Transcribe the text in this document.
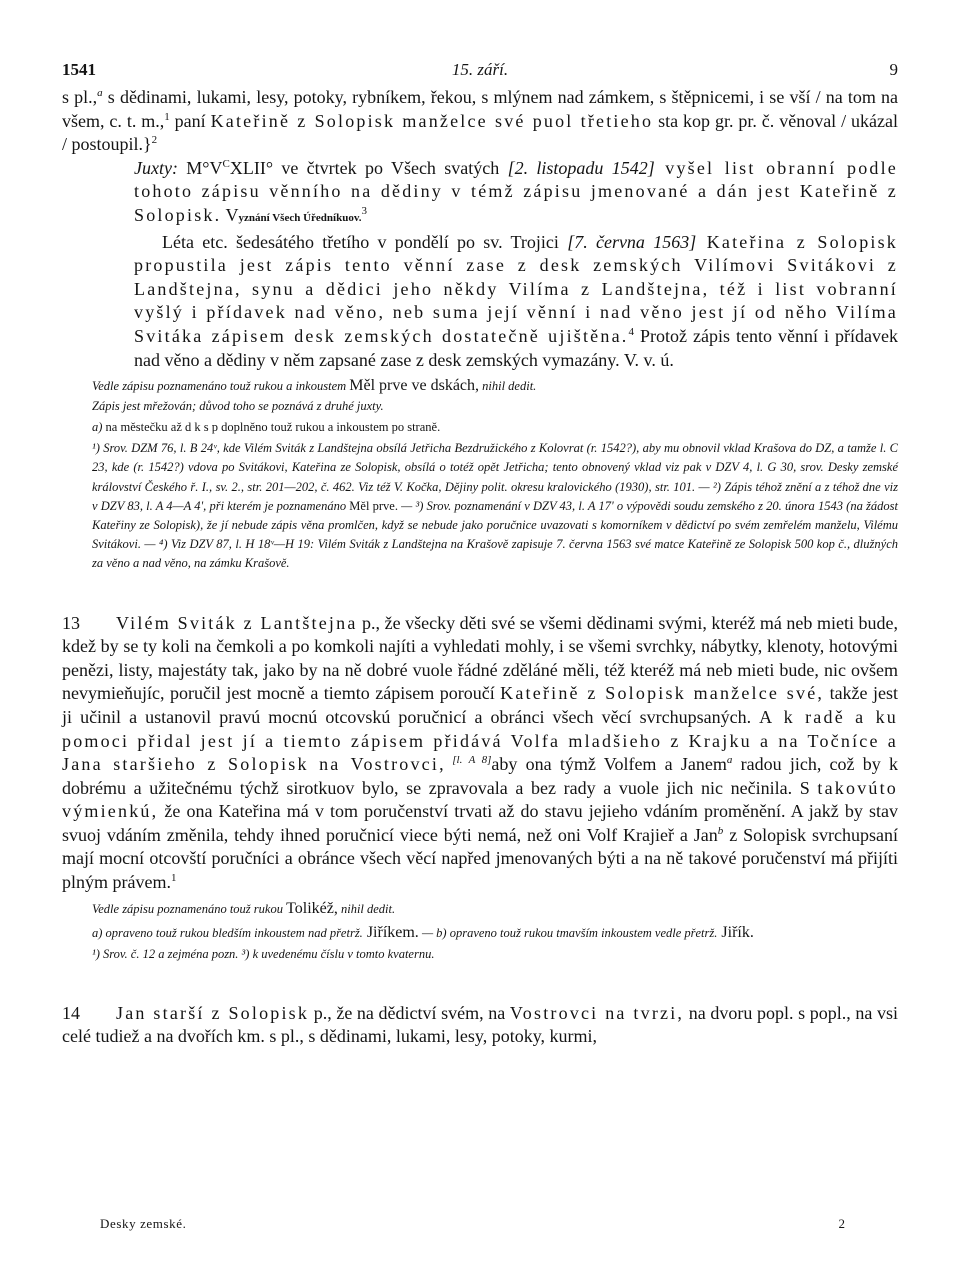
1541	15. září.	9

s pl.,$^a$ s dědinami, lukami, lesy, potoky, rybníkem, řekou, s mlýnem nad zámkem, s štěpnicemi, i se vší / na tom na všem, c. t. m.,$^1$ paní Kateřině z Solopisk manželce své puol třetieho sta kop gr. pr. č. věnoval / ukázal / postoupil.}$^2$

Juxty: $M^\circ V^CXLII^\circ$ ve čtvrtek po Všech svatých [2. listopadu 1542] vyšel list obranní podle tohoto zápisu věnního na dědiny v témž zápisu jmenované a dán jest Kateřině z Solopisk. Vyznání Všech Úředníkuov.$^3$

Léta etc. šedesátého třetího v pondělí po sv. Trojici [7. června 1563] Kateřina z Solopisk propustila jest zápis tento věnní zase z desk zemských Vilímovi Svitákovi z Landštejna, synu a dědici jeho někdy Vilíma z Landštejna, též i list vobranní vyšlý i přídavek nad věno, neb suma její věnní i nad věno jest jí od něho Vilíma Svitáka zápisem desk zemských dostatečně ujištěna.$^4$ Protož zápis tento věnní i přídavek nad věno a dědiny v něm zapsané zase z desk zemských vymazány. V. v. ú.

Vedle zápisu poznamenáno touž rukou a inkoustem Měl prve ve dskách, nihil dedit.
Zápis jest mřežován; důvod toho se poznává z druhé juxty.
a) na městečku až d k s p doplněno touž rukou a inkoustem po straně.
¹) Srov. DZM 76, l. B 24ᵛ, kde Vilém Sviták z Landštejna obsílá Jetřicha Bezdružického z Kolovrat (r. 1542?), aby mu obnovil vklad Krašova do DZ, a tamže l. C 23, kde (r. 1542?) vdova po Svitákovi, Kateřina ze Solopisk, obsílá o totéž opět Jetřicha; tento obnovený vklad viz pak v DZV 4, l. G 30, srov. Desky zemské království Českého ř. I., sv. 2., str. 201—202, č. 462. Viz též V. Kočka, Dějiny polit. okresu kralovického (1930), str. 101. — ²) Zápis téhož znění a z téhož dne viz v DZV 83, l. A 4—A 4', při kterém je poznamenáno Měl prve. — ³) Srov. poznamenání v DZV 43, l. A 17' o výpovědi soudu zemského z 20. února 1543 (na žádost Kateřiny ze Solopisk), že jí nebude zápis věna promlčen, když se nebude jako poručnice uvazovati s komorníkem v dědictví po svém zemřelém manželu, Vilému Svitákovi. — ⁴) Viz DZV 87, l. H 18ᵛ—H 19: Vilém Sviták z Landštejna na Krašově zapisuje 7. června 1563 své matce Kateřině ze Solopisk 500 kop č., dlužných za věno a nad věno, na zámku Krašově.

13 Vilém Sviták z Lantštejna p., že všecky děti své se všemi dědinami svými, kteréž má neb mieti bude, kdež by se ty koli na čemkoli a po komkoli najíti a vyhledati mohly, i se všemi svrchky, nábytky, klenoty, hotovými penězi, listy, majestáty tak, jako by na ně dobré vuole řádné zděláné měli, též kteréž má neb mieti bude, nic ovšem nevymieňujíc, poručil jest mocně a tiemto zápisem poroučí Kateřině z Solopisk manželce své, takže jest ji učinil a ustanovil pravú mocnú otcovskú poručnicí a obránci všech věcí svrchupsaných. A k radě a ku pomoci přidal jest jí a tiemto zápisem přidává Volfa mladšieho z Krajku a na Točníce a Jana staršieho z Solopisk na Vostrovci, [l. A 8]aby ona týmž Volfem a Janem$^a$ radou jich, což by k dobrému a užitečnému týchž sirotkuov bylo, se zpravovala a bez rady a vuole jich nic nečinila. S takovúto výmienkú, že ona Kateřina má v tom poručenství trvati až do stavu jejieho vdáním proměnění. A jakž by stav svuoj vdáním změnila, tehdy ihned poručnicí viece býti nemá, než oni Volf Krajieř a Jan$^b$ z Solopisk svrchupsaní mají mocní otcovští poručníci a obránce všech věcí napřed jmenovaných býti a na ně takové poručenství má přijíti plným právem.$^1$

Vedle zápisu poznamenáno touž rukou Tolikéž, nihil dedit.
a) opraveno touž rukou bledším inkoustem nad přetrž. Jiříkem. — b) opraveno touž rukou tmavším inkoustem vedle přetrž. Jiřík.
¹) Srov. č. 12 a zejména pozn. ³) k uvedenému číslu v tomto kvaternu.

14 Jan starší z Solopisk p., že na dědictví svém, na Vostrovci na tvrzi, na dvoru popl. s popl., na vsi celé tudiež a na dvořích km. s pl., s dědinami, lukami, lesy, potoky, kurmi,

Desky zemské.	2
